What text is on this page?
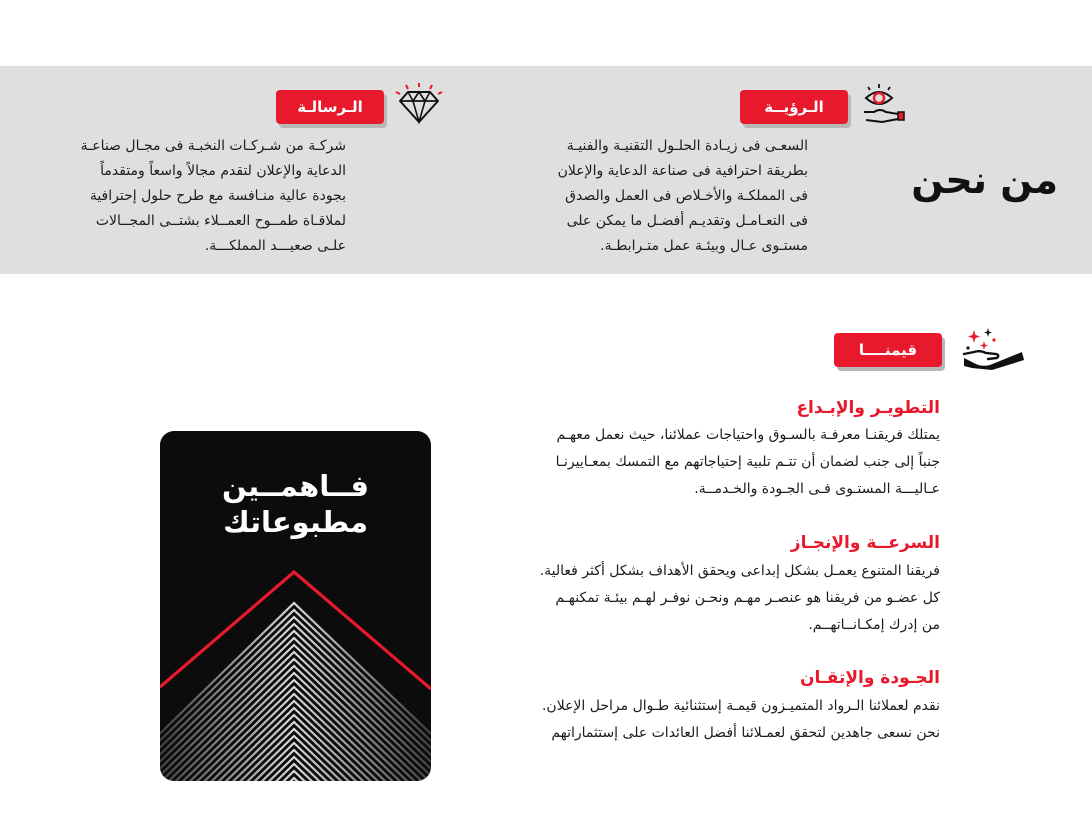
من نحن
الـرؤيــة
السعـى فى زيـادة الحلـول التقنيـة والفنيـة
بطريقة احترافية فى صناعة الدعاية والإعلان
فى المملكـة والأخـلاص فى العمل والصدق
فى التعـامـل وتقديـم أفضـل ما يمكن على
مستـوى عـال وبيئـة عمل متـرابطـة.
الـرسالـة
شركـة من شـركـات النخبـة فى مجـال صناعـة
الدعاية والإعلان لتقدم مجالاً واسعاً ومتقدماً
بجودة عالية منـافسة مع طرح حلول إحترافية
لملاقـاة طمــوح العمــلاء بشتــى المجــالات
علـى صعيـــد المملكـــة.
قيمنــــا
التطويـر والإبـداع
يمتلك فريقنـا معرفـة بالسـوق واحتياجات عملائنا، حيث نعمل معهـم
جنباً إلى جنب لضمان أن تتـم تلبية إحتياجاتهم مع التمسك بمعـاييرنـا
عـاليـــة المستـوى فـى الجـودة والخـدمــة.
السرعــة والإنجـاز
فريقنا المتنوع يعمـل بشكل إبداعى ويحقق الأهداف بشكل أكثر فعالية.
كل عضـو من فريقنا هو عنصـر مهـم ونحـن نوفـر لهـم بيئـة تمكنهـم
من إدرك إمكـانــاتهــم.
الجـودة والإتقـان
نقدم لعملائنا الـرواد المتميـزون قيمـة إستثنائية طـوال مراحل الإعلان.
نحن نسعى جاهدين لتحقق لعمـلائنا أفضل العائدات على إستثماراتهم
فــاهمــين
مطبوعاتك
